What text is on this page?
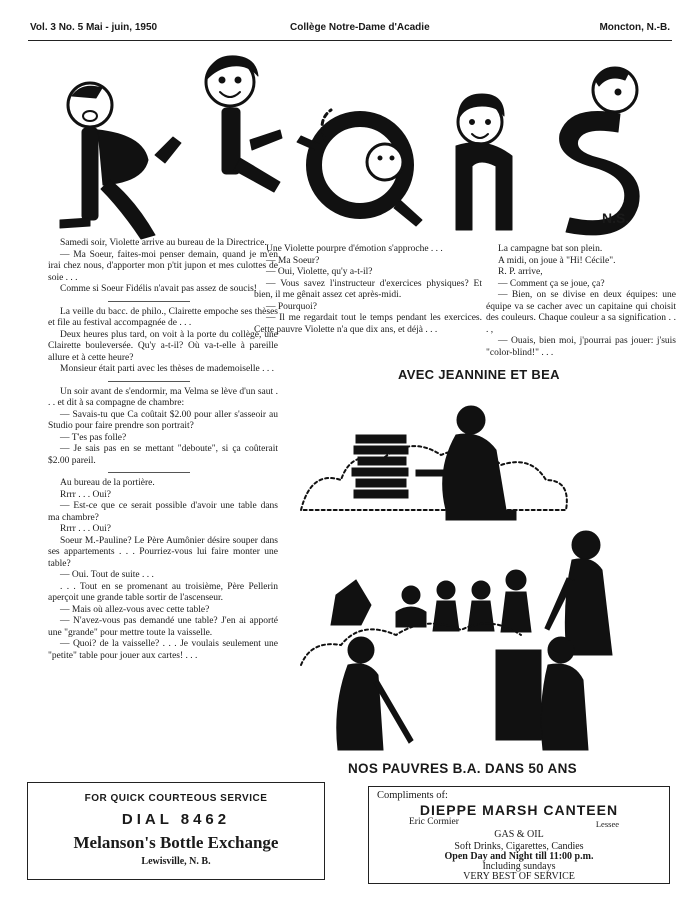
Vol. 3 No. 5 Mai - juin, 1950	Collège Notre-Dame d'Acadie	Moncton, N.-B.
N.S.

Samedi soir, Violette arrive au bureau de la Directrice.

— Ma Soeur, faites-moi penser demain, quand je m'en irai chez nous, d'apporter mon p'tit jupon et mes culottes de soie . . .

Comme si Soeur Fidélis n'avait pas assez de soucis!

La veille du bacc. de philo., Clairette empoche ses thèses et file au festival accompagnée de . . .

Deux heures plus tard, on voit à la porte du collège, une Clairette bouleversée. Qu'y a-t-il? Où va-t-elle à pareille allure et à cette heure?

Monsieur était parti avec les thèses de mademoiselle . . .

Un soir avant de s'endormir, ma Velma se lève d'un saut . . . et dit à sa compagne de chambre:

— Savais-tu que Ca coûtait $2.00 pour aller s'asseoir au Studio pour faire prendre son portrait?

— T'es pas folle?

— Je sais pas en se mettant "deboute", si ça coûterait $2.00 pareil.

Au bureau de la portière.

Rrrr . . . Oui?

— Est-ce que ce serait possible d'avoir une table dans ma chambre?

Rrrr . . . Oui?

Soeur M.-Pauline? Le Père Aumônier désire souper dans ses appartements . . . Pourriez-vous lui faire monter une table?

— Oui. Tout de suite . . .

. . . Tout en se promenant au troisième, Père Pellerin aperçoit une grande table sortir de l'ascenseur.

— Mais où allez-vous avec cette table?

— N'avez-vous pas demandé une table? J'en ai apporté une "grande" pour mettre toute la vaisselle.

— Quoi? de la vaisselle? . . . Je voulais seulement une "petite" table pour jouer aux cartes! . . .

Une Violette pourpre d'émotion s'approche . . .

— Ma Soeur?

— Oui, Violette, qu'y a-t-il?

— Vous savez l'instructeur d'exercices physiques? Et bien, il me gênait assez cet après-midi.

— Pourquoi?

— Il me regardait tout le temps pendant les exercices. Cette pauvre Violette n'a que dix ans, et déjà . . .

La campagne bat son plein.

A midi, on joue à "Hi! Cécile".

R. P. arrive,

— Comment ça se joue, ça?

— Bien, on se divise en deux équipes: une équipe va se cacher avec un capitaine qui choisit des couleurs. Chaque couleur a sa signification . . . ,

— Ouais, bien moi, j'pourrai pas jouer: j'suis "color-blind!" . . .

AVEC JEANNINE ET BEA
NOS PAUVRES B.A. DANS 50 ANS
FOR QUICK COURTEOUS SERVICE
DIAL 8462
Melanson's Bottle Exchange
Lewisville, N. B.
Compliments of:
DIEPPE MARSH CANTEEN
Eric Cormier	Lessee
GAS & OIL
Soft Drinks, Cigarettes, Candies
Open Day and Night till 11:00 p.m.
Including sundays
VERY BEST OF SERVICE
